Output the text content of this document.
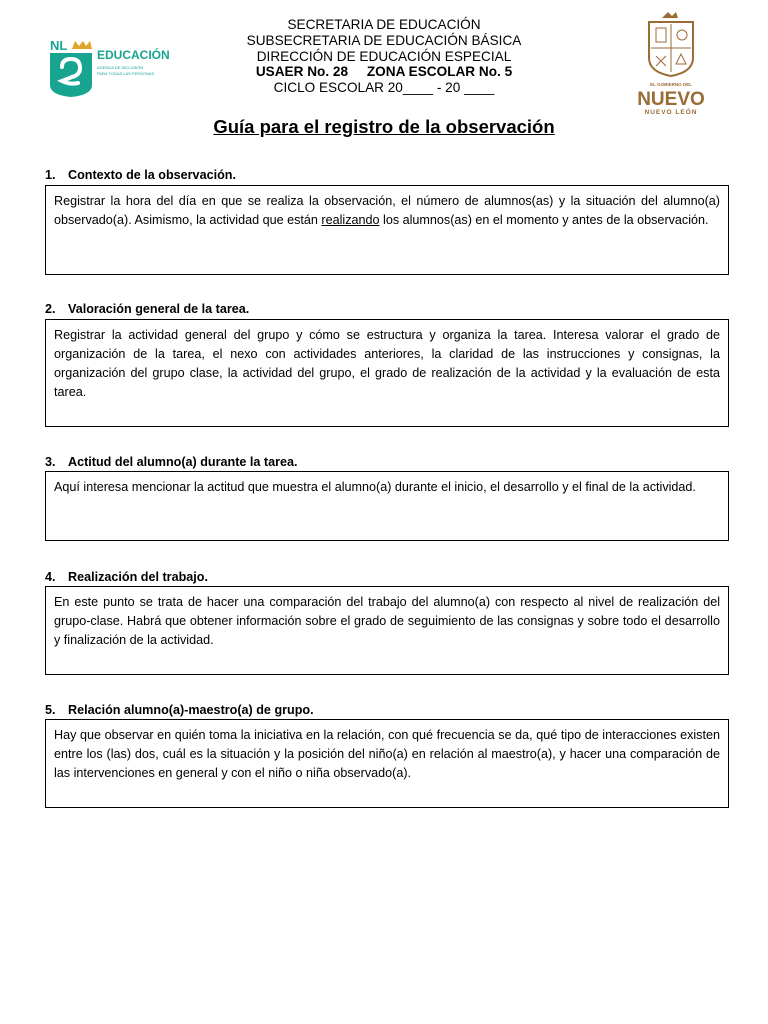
NL
EDUCACIÓN
AGENDA DE INCLUSIÓN
PARA TODAS LAS PERSONAS
SECRETARIA DE EDUCACIÓN
SUBSECRETARIA DE EDUCACIÓN BÁSICA
DIRECCIÓN DE EDUCACIÓN ESPECIAL
USAER No. 28     ZONA ESCOLAR No. 5
CICLO ESCOLAR 20____ - 20 ____	EL GOBIERNO DEL
NUEVO
NUEVO LEÓN
Guía para el registro de la observación
1. Contexto de la observación.
Registrar la hora del día en que se realiza la observación, el número de alumnos(as) y la situación del alumno(a) observado(a). Asimismo, la actividad que están realizando los alumnos(as) en el momento y antes de la observación.
2. Valoración general de la tarea.
Registrar la actividad general del grupo y cómo se estructura y organiza la tarea. Interesa valorar el grado de organización de la tarea, el nexo con actividades anteriores, la claridad de las instrucciones y consignas, la organización del grupo clase, la actividad del grupo, el grado de realización de la actividad y la evaluación de esta tarea.
3. Actitud del alumno(a) durante la tarea.
Aquí interesa mencionar la actitud que muestra el alumno(a) durante el inicio, el desarrollo y el final de la actividad.
4. Realización del trabajo.
En este punto se trata de hacer una comparación del trabajo del alumno(a) con respecto al nivel de realización del grupo-clase. Habrá que obtener información sobre el grado de seguimiento de las consignas y sobre todo el desarrollo y finalización de la actividad.
5. Relación alumno(a)-maestro(a) de grupo.
Hay que observar en quién toma la iniciativa en la relación, con qué frecuencia se da, qué tipo de interacciones existen entre los (las) dos, cuál es la situación y la posición del niño(a) en relación al maestro(a), y hacer una comparación de las intervenciones en general y con el niño o niña observado(a).
